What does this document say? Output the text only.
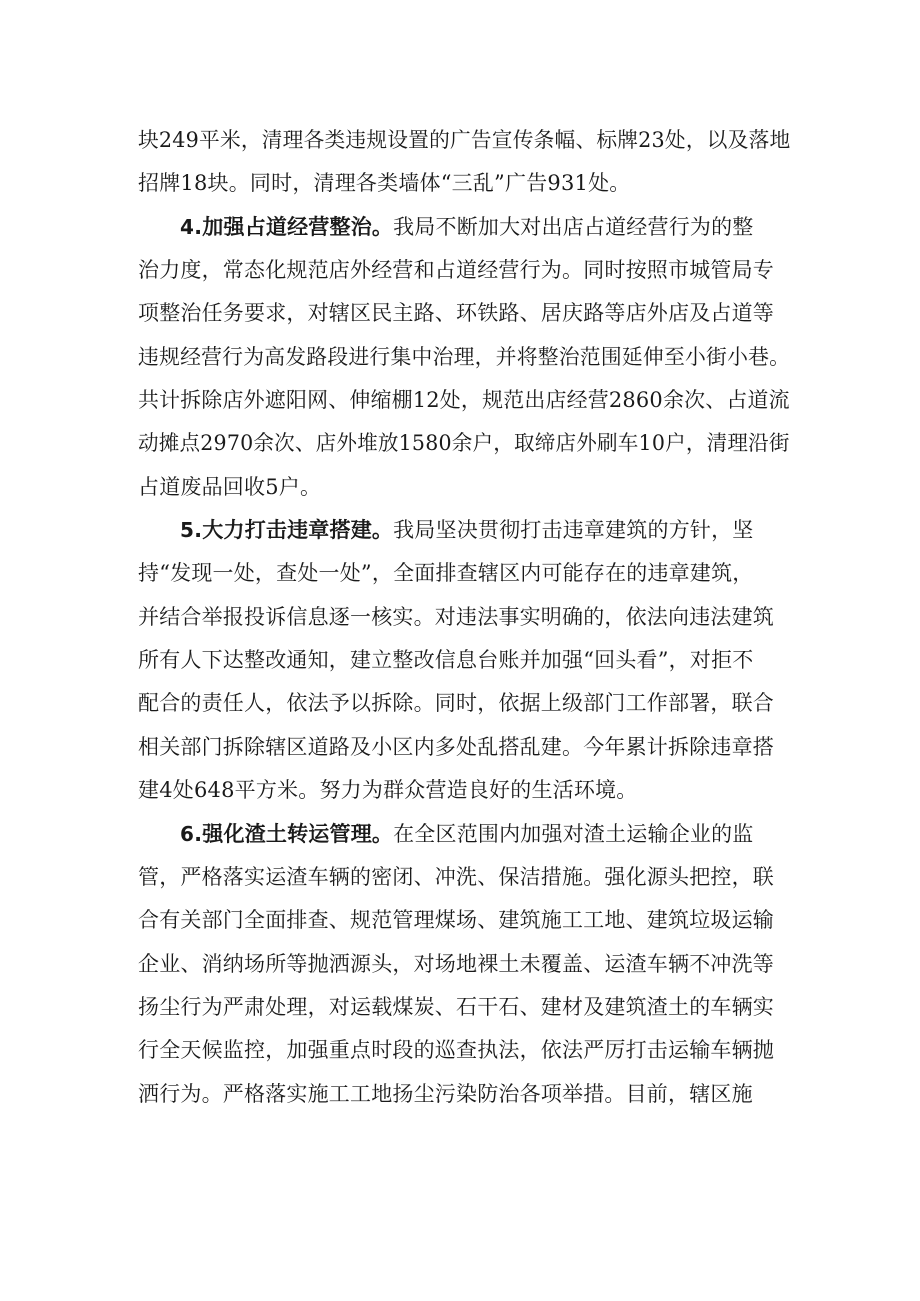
块249平米，清理各类违规设置的广告宣传条幅、标牌23处，以及落地
招牌18块。同时，清理各类墙体“三乱”广告931处。
4.加强占道经营整治。我局不断加大对出店占道经营行为的整
治力度，常态化规范店外经营和占道经营行为。同时按照市城管局专
项整治任务要求，对辖区民主路、环铁路、居庆路等店外店及占道等
违规经营行为高发路段进行集中治理，并将整治范围延伸至小街小巷。
共计拆除店外遮阳网、伸缩棚12处，规范出店经营2860余次、占道流
动摊点2970余次、店外堆放1580余户，取缔店外刷车10户，清理沿街
占道废品回收5户。
5.大力打击违章搭建。我局坚决贯彻打击违章建筑的方针，坚
持“发现一处，查处一处”，全面排查辖区内可能存在的违章建筑，
并结合举报投诉信息逐一核实。对违法事实明确的，依法向违法建筑
所有人下达整改通知，建立整改信息台账并加强“回头看”，对拒不
配合的责任人，依法予以拆除。同时，依据上级部门工作部署，联合
相关部门拆除辖区道路及小区内多处乱搭乱建。今年累计拆除违章搭
建4处648平方米。努力为群众营造良好的生活环境。
6.强化渣土转运管理。在全区范围内加强对渣土运输企业的监
管，严格落实运渣车辆的密闭、冲洗、保洁措施。强化源头把控，联
合有关部门全面排查、规范管理煤场、建筑施工工地、建筑垃圾运输
企业、消纳场所等抛洒源头，对场地裸土未覆盖、运渣车辆不冲洗等
扬尘行为严肃处理，对运载煤炭、石干石、建材及建筑渣土的车辆实
行全天候监控，加强重点时段的巡查执法，依法严厉打击运输车辆抛
洒行为。严格落实施工工地扬尘污染防治各项举措。目前，辖区施
